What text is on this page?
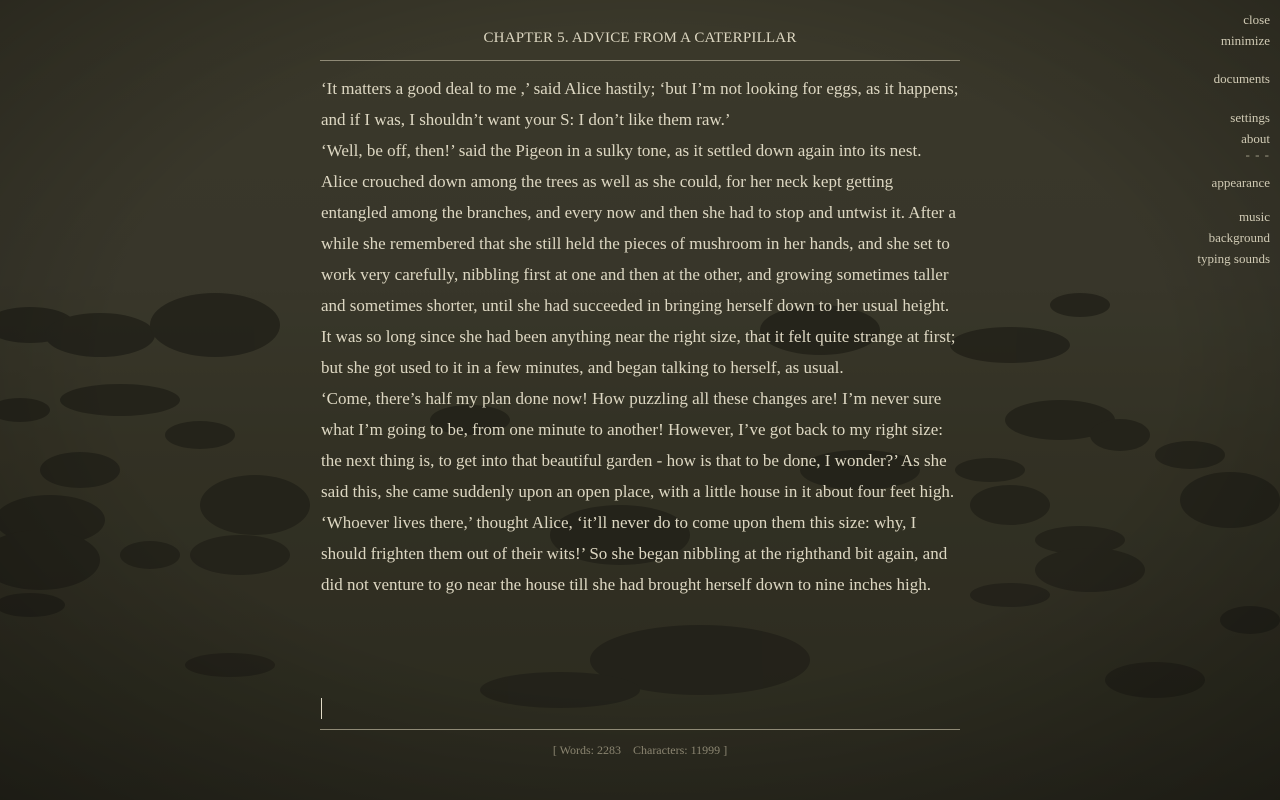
CHAPTER 5. ADVICE FROM A CATERPILLAR

‘It matters a good deal to me ,’ said Alice hastily; ‘but I’m not looking for eggs, as it happens; and if I was, I shouldn’t want your S: I don’t like them raw.’

‘Well, be off, then!’ said the Pigeon in a sulky tone, as it settled down again into its nest. Alice crouched down among the trees as well as she could, for her neck kept getting entangled among the branches, and every now and then she had to stop and untwist it. After a while she remembered that she still held the pieces of mushroom in her hands, and she set to work very carefully, nibbling first at one and then at the other, and growing sometimes taller and sometimes shorter, until she had succeeded in bringing herself down to her usual height.

It was so long since she had been anything near the right size, that it felt quite strange at first; but she got used to it in a few minutes, and began talking to herself, as usual.

‘Come, there’s half my plan done now! How puzzling all these changes are! I’m never sure what I’m going to be, from one minute to another! However, I’ve got back to my right size: the next thing is, to get into that beautiful garden - how is that to be done, I wonder?’ As she said this, she came suddenly upon an open place, with a little house in it about four feet high. ‘Whoever lives there,’ thought Alice, ‘it’ll never do to come upon them this size: why, I should frighten them out of their wits!’ So she began nibbling at the righthand bit again, and did not venture to go near the house till she had brought herself down to nine inches high.

[ Words: 2283 Characters: 11999 ]
close
minimize
documents
settings
about
- - -
appearance
music
background
typing sounds
